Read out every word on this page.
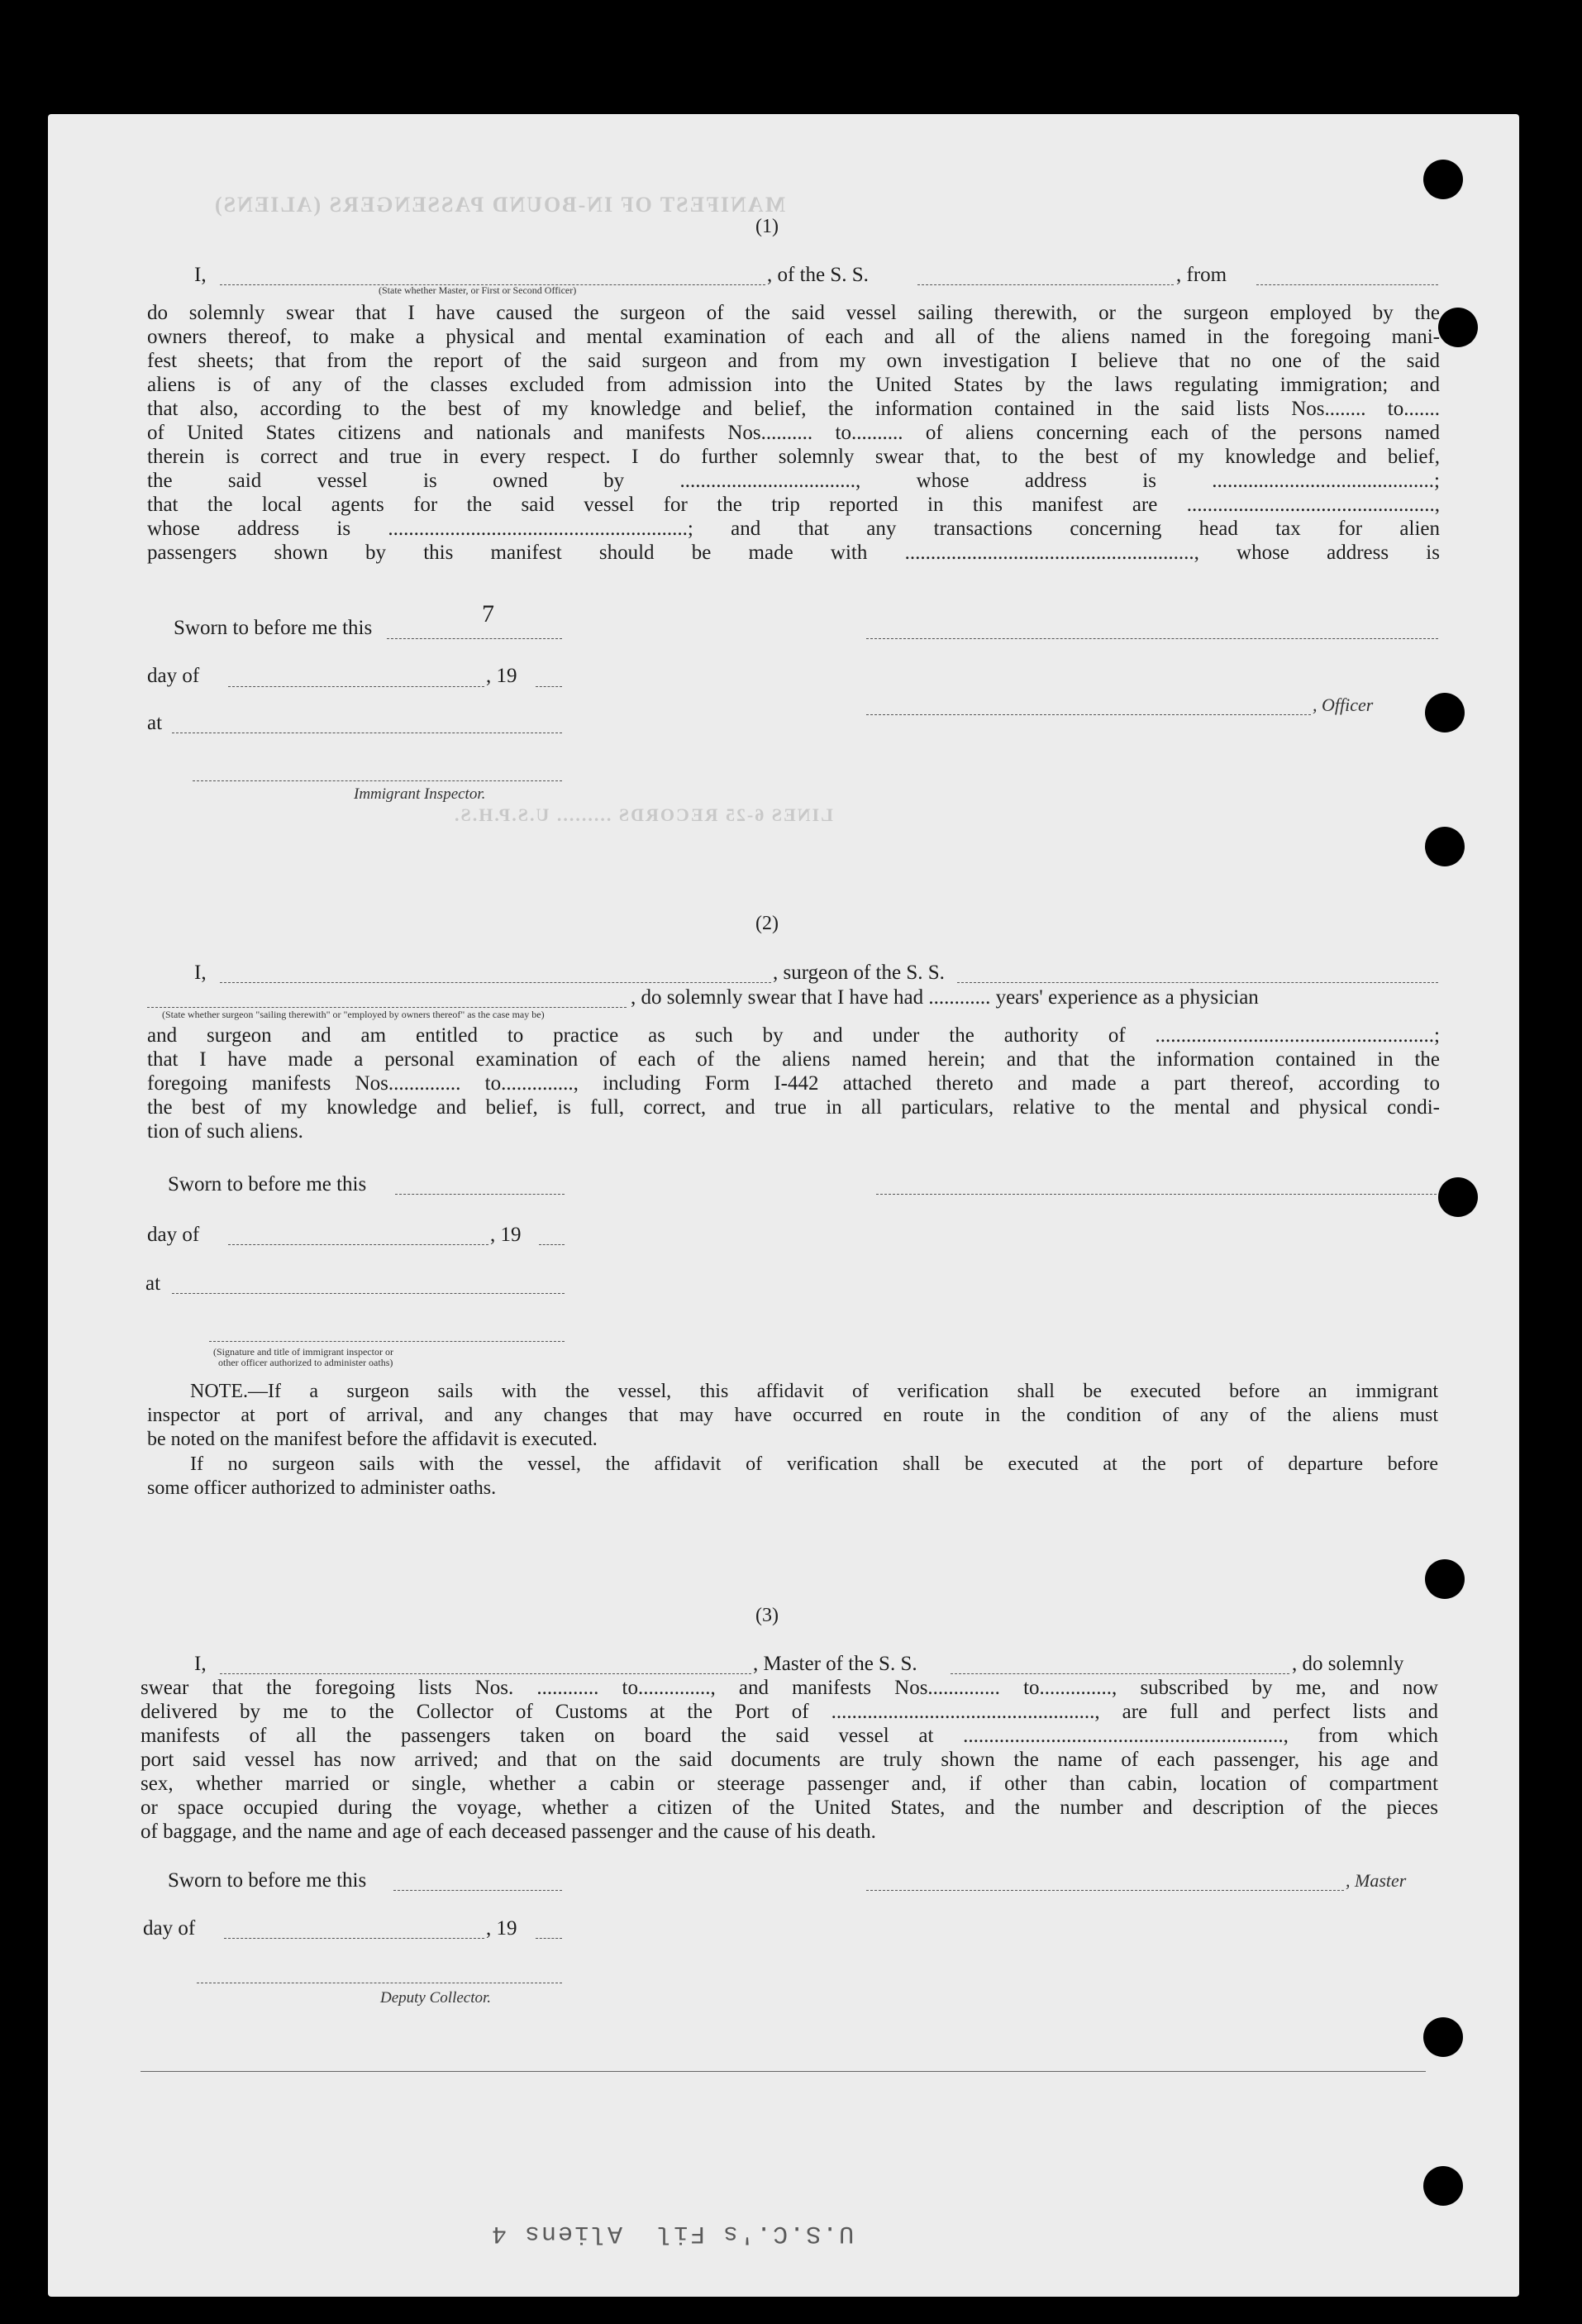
MANIFEST OF IN-BOUND PASSENGERS (ALIENS)
LINES 6-25 RECORDS ......... U.S.P.H.S.
(1)
I,	, of the S. S.	, from
(State whether Master, or First or Second Officer)
do solemnly swear that I have caused the surgeon of the said vessel sailing therewith, or the surgeon employed by the
owners thereof, to make a physical and mental examination of each and all of the aliens named in the foregoing mani-
fest sheets; that from the report of the said surgeon and from my own investigation I believe that no one of the said
aliens is of any of the classes excluded from admission into the United States by the laws regulating immigration; and
that also, according to the best of my knowledge and belief, the information contained in the said lists Nos........ to.......
of United States citizens and nationals and manifests Nos.......... to.......... of aliens concerning each of the persons named
therein is correct and true in every respect. I do further solemnly swear that, to the best of my knowledge and belief,
the said vessel is owned by .................................., whose address is ...........................................;
that the local agents for the said vessel for the trip reported in this manifest are ................................................,
whose address is ..........................................................; and that any transactions concerning head tax for alien
passengers shown by this manifest should be made with ........................................................, whose address is
Sworn to before me this
7
day of	, 19
at
Immigrant Inspector.
, Officer
(2)
I,	, surgeon of the S. S.
, do solemnly swear that I have had ............ years' experience as a physician
(State whether surgeon "sailing therewith" or "employed by owners thereof" as the case may be)
and surgeon and am entitled to practice as such by and under the authority of ......................................................;
that I have made a personal examination of each of the aliens named herein; and that the information contained in the
foregoing manifests Nos.............. to.............., including Form I-442 attached thereto and made a part thereof, according to
the best of my knowledge and belief, is full, correct, and true in all particulars, relative to the mental and physical condi-
tion of such aliens.
Sworn to before me this
day of	, 19
at
(Signature and title of immigrant inspector or
other officer authorized to administer oaths)
NOTE.—If a surgeon sails with the vessel, this affidavit of verification shall be executed before an immigrant
inspector at port of arrival, and any changes that may have occurred en route in the condition of any of the aliens must
be noted on the manifest before the affidavit is executed.
If no surgeon sails with the vessel, the affidavit of verification shall be executed at the port of departure before
some officer authorized to administer oaths.
(3)
I,	, Master of the S. S.	, do solemnly
swear that the foregoing lists Nos. ............ to.............., and manifests Nos.............. to.............., subscribed by me, and now
delivered by me to the Collector of Customs at the Port of ..................................................., are full and perfect lists and
manifests of all the passengers taken on board the said vessel at .............................................................., from which
port said vessel has now arrived; and that on the said documents are truly shown the name of each passenger, his age and
sex, whether married or single, whether a cabin or steerage passenger and, if other than cabin, location of compartment
or space occupied during the voyage, whether a citizen of the United States, and the number and description of the pieces
of baggage, and the name and age of each deceased passenger and the cause of his death.
Sworn to before me this	, Master
day of	, 19
Deputy Collector.
U.S.C.'s Fil  Aliens 4
